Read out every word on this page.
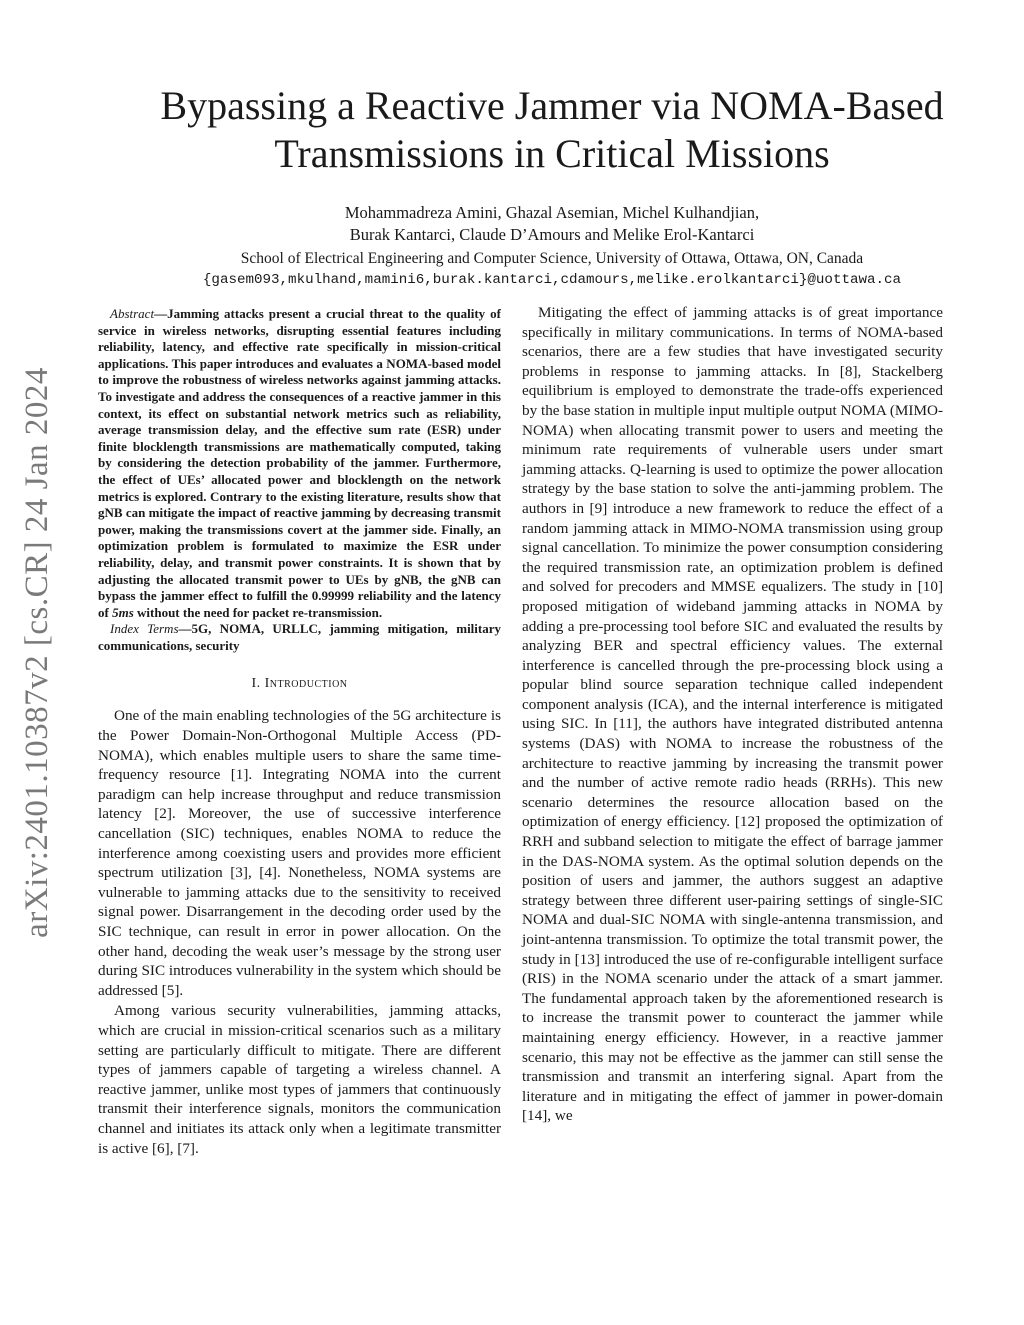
arXiv:2401.10387v2 [cs.CR] 24 Jan 2024
Bypassing a Reactive Jammer via NOMA-Based
Transmissions in Critical Missions
Mohammadreza Amini, Ghazal Asemian, Michel Kulhandjian,
Burak Kantarci, Claude D’Amours and Melike Erol-Kantarci
School of Electrical Engineering and Computer Science, University of Ottawa, Ottawa, ON, Canada
{gasem093,mkulhand,mamini6,burak.kantarci,cdamours,melike.erolkantarci}@uottawa.ca

Abstract—Jamming attacks present a crucial threat to the quality of service in wireless networks, disrupting essential features including reliability, latency, and effective rate specifically in mission-critical applications. This paper introduces and evaluates a NOMA-based model to improve the robustness of wireless networks against jamming attacks. To investigate and address the consequences of a reactive jammer in this context, its effect on substantial network metrics such as reliability, average transmission delay, and the effective sum rate (ESR) under finite blocklength transmissions are mathematically computed, taking by considering the detection probability of the jammer. Furthermore, the effect of UEs’ allocated power and blocklength on the network metrics is explored. Contrary to the existing literature, results show that gNB can mitigate the impact of reactive jamming by decreasing transmit power, making the transmissions covert at the jammer side. Finally, an optimization problem is formulated to maximize the ESR under reliability, delay, and transmit power constraints. It is shown that by adjusting the allocated transmit power to UEs by gNB, the gNB can bypass the jammer effect to fulfill the 0.99999 reliability and the latency of 5ms without the need for packet re-transmission.

Index Terms—5G, NOMA, URLLC, jamming mitigation, military communications, security

I. Introduction

One of the main enabling technologies of the 5G architecture is the Power Domain-Non-Orthogonal Multiple Access (PD-NOMA), which enables multiple users to share the same time-frequency resource [1]. Integrating NOMA into the current paradigm can help increase throughput and reduce transmission latency [2]. Moreover, the use of successive interference cancellation (SIC) techniques, enables NOMA to reduce the interference among coexisting users and provides more efficient spectrum utilization [3], [4]. Nonetheless, NOMA systems are vulnerable to jamming attacks due to the sensitivity to received signal power. Disarrangement in the decoding order used by the SIC technique, can result in error in power allocation. On the other hand, decoding the weak user’s message by the strong user during SIC introduces vulnerability in the system which should be addressed [5].

Among various security vulnerabilities, jamming attacks, which are crucial in mission-critical scenarios such as a military setting are particularly difficult to mitigate. There are different types of jammers capable of targeting a wireless channel. A reactive jammer, unlike most types of jammers that continuously transmit their interference signals, monitors the communication channel and initiates its attack only when a legitimate transmitter is active [6], [7].

Mitigating the effect of jamming attacks is of great importance specifically in military communications. In terms of NOMA-based scenarios, there are a few studies that have investigated security problems in response to jamming attacks. In [8], Stackelberg equilibrium is employed to demonstrate the trade-offs experienced by the base station in multiple input multiple output NOMA (MIMO-NOMA) when allocating transmit power to users and meeting the minimum rate requirements of vulnerable users under smart jamming attacks. Q-learning is used to optimize the power allocation strategy by the base station to solve the anti-jamming problem. The authors in [9] introduce a new framework to reduce the effect of a random jamming attack in MIMO-NOMA transmission using group signal cancellation. To minimize the power consumption considering the required transmission rate, an optimization problem is defined and solved for precoders and MMSE equalizers. The study in [10] proposed mitigation of wideband jamming attacks in NOMA by adding a pre-processing tool before SIC and evaluated the results by analyzing BER and spectral efficiency values. The external interference is cancelled through the pre-processing block using a popular blind source separation technique called independent component analysis (ICA), and the internal interference is mitigated using SIC. In [11], the authors have integrated distributed antenna systems (DAS) with NOMA to increase the robustness of the architecture to reactive jamming by increasing the transmit power and the number of active remote radio heads (RRHs). This new scenario determines the resource allocation based on the optimization of energy efficiency. [12] proposed the optimization of RRH and subband selection to mitigate the effect of barrage jammer in the DAS-NOMA system. As the optimal solution depends on the position of users and jammer, the authors suggest an adaptive strategy between three different user-pairing settings of single-SIC NOMA and dual-SIC NOMA with single-antenna transmission, and joint-antenna transmission. To optimize the total transmit power, the study in [13] introduced the use of re-configurable intelligent surface (RIS) in the NOMA scenario under the attack of a smart jammer. The fundamental approach taken by the aforementioned research is to increase the transmit power to counteract the jammer while maintaining energy efficiency. However, in a reactive jammer scenario, this may not be effective as the jammer can still sense the transmission and transmit an interfering signal. Apart from the literature and in mitigating the effect of jammer in power-domain [14], we
